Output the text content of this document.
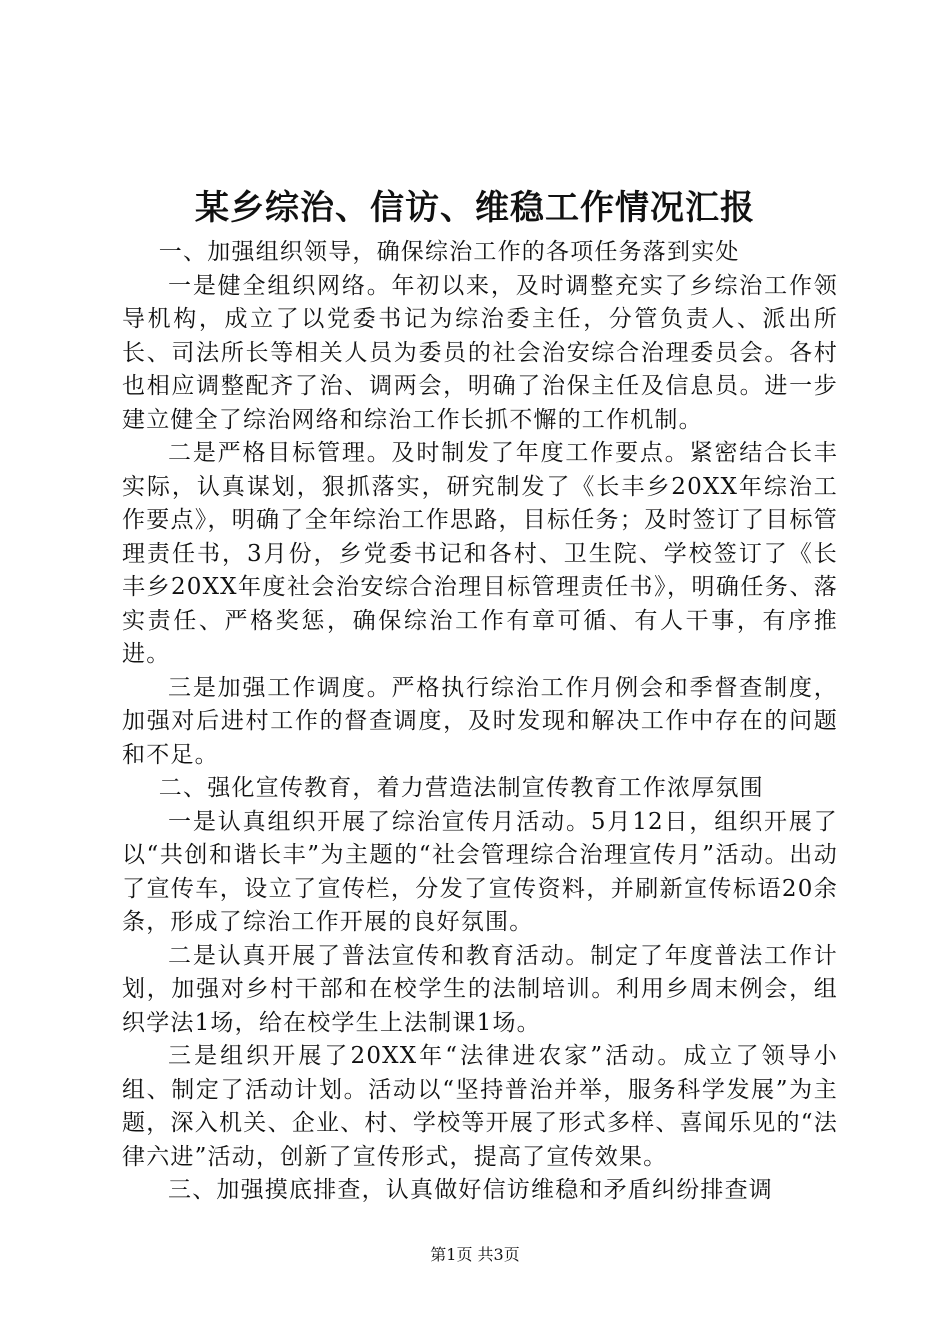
某乡综治、信访、维稳工作情况汇报

一、加强组织领导，确保综治工作的各项任务落到实处

一是健全组织网络。年初以来，及时调整充实了乡综治工作领导机构，成立了以党委书记为综治委主任，分管负责人、派出所长、司法所长等相关人员为委员的社会治安综合治理委员会。各村也相应调整配齐了治、调两会，明确了治保主任及信息员。进一步建立健全了综治网络和综治工作长抓不懈的工作机制。

二是严格目标管理。及时制发了年度工作要点。紧密结合长丰实际，认真谋划，狠抓落实，研究制发了《长丰乡20XX年综治工作要点》，明确了全年综治工作思路，目标任务；及时签订了目标管理责任书，3月份，乡党委书记和各村、卫生院、学校签订了《长丰乡20XX年度社会治安综合治理目标管理责任书》，明确任务、落实责任、严格奖惩，确保综治工作有章可循、有人干事，有序推进。

三是加强工作调度。严格执行综治工作月例会和季督查制度，加强对后进村工作的督查调度，及时发现和解决工作中存在的问题和不足。

二、强化宣传教育，着力营造法制宣传教育工作浓厚氛围

一是认真组织开展了综治宣传月活动。5月12日，组织开展了以“共创和谐长丰”为主题的“社会管理综合治理宣传月”活动。出动了宣传车，设立了宣传栏，分发了宣传资料，并刷新宣传标语20余条，形成了综治工作开展的良好氛围。

二是认真开展了普法宣传和教育活动。制定了年度普法工作计划，加强对乡村干部和在校学生的法制培训。利用乡周末例会，组织学法1场，给在校学生上法制课1场。

三是组织开展了20XX年“法律进农家”活动。成立了领导小组、制定了活动计划。活动以“坚持普治并举，服务科学发展”为主题，深入机关、企业、村、学校等开展了形式多样、喜闻乐见的“法律六进”活动，创新了宣传形式，提高了宣传效果。

三、加强摸底排查，认真做好信访维稳和矛盾纠纷排查调

第1页 共3页
